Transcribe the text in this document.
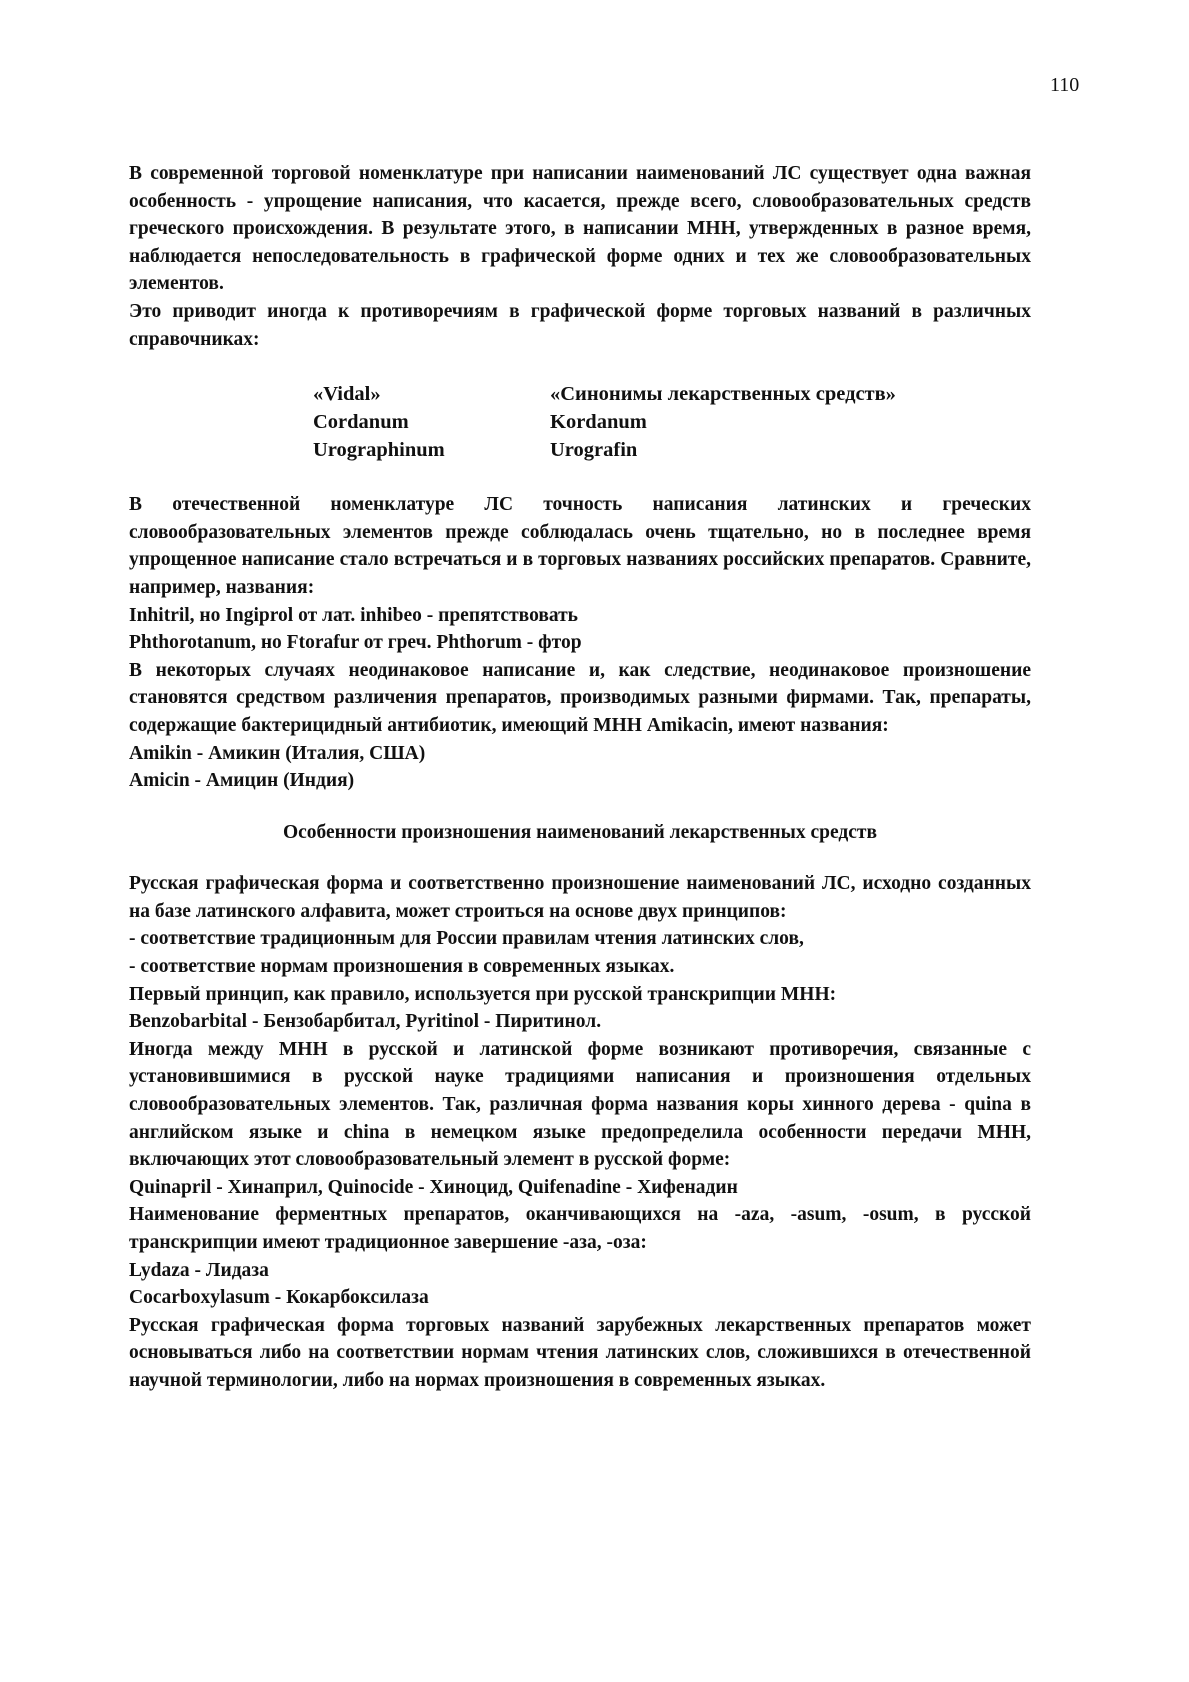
110

В современной торговой номенклатуре при написании наименований ЛС существует одна важная особенность - упрощение написания, что касается, прежде всего, словообразовательных средств греческого происхождения. В результате этого, в написании МНН, утвержденных в разное время, наблюдается непоследовательность в графической форме одних и тех же словообразовательных элементов.

Это приводит иногда к противоречиям в графической форме торговых названий в различных справочниках:

«Vidal»	«Синонимы лекарственных средств»
Cordanum	Kordanum
Urographinum	Urografin

В отечественной номенклатуре ЛС точность написания латинских и греческих словообразовательных элементов прежде соблюдалась очень тщательно, но в последнее время упрощенное написание стало встречаться и в торговых названиях российских препаратов. Сравните, например, названия:

Inhitril, но Ingiprol от лат. inhibeo - препятствовать

Phthorotanum, но Ftorafur от греч. Phthorum - фтор

В некоторых случаях неодинаковое написание и, как следствие, неодинаковое произношение становятся средством различения препаратов, производимых разными фирмами. Так, препараты, содержащие бактерицидный антибиотик, имеющий МНН Amikacin, имеют названия:

Amikin - Амикин (Италия, США)

Amicin - Амицин (Индия)

Особенности произношения наименований лекарственных средств

Русская графическая форма и соответственно произношение наименований ЛС, исходно созданных на базе латинского алфавита, может строиться на основе двух принципов:

- соответствие традиционным для России правилам чтения латинских слов,

- соответствие нормам произношения в современных языках.

Первый принцип, как правило, используется при русской транскрипции МНН:

Benzobarbital - Бензобарбитал, Pyritinol - Пиритинол.

Иногда между МНН в русской и латинской форме возникают противоречия, связанные с установившимися в русской науке традициями написания и произношения отдельных словообразовательных элементов. Так, различная форма названия коры хинного дерева - quina в английском языке и china в немецком языке предопределила особенности передачи МНН, включающих этот словообразовательный элемент в русской форме:

Quinapril - Хинаприл, Quinocide - Хиноцид, Quifenadine - Хифенадин

Наименование ферментных препаратов, оканчивающихся на -aza, -asum, -osum, в русской транскрипции имеют традиционное завершение -аза, -оза:

Lydaza - Лидаза

Cocarboxylasum - Кокарбоксилаза

Русская графическая форма торговых названий зарубежных лекарственных препаратов может основываться либо на соответствии нормам чтения латинских слов, сложившихся в отечественной научной терминологии, либо на нормах произношения в современных языках.
